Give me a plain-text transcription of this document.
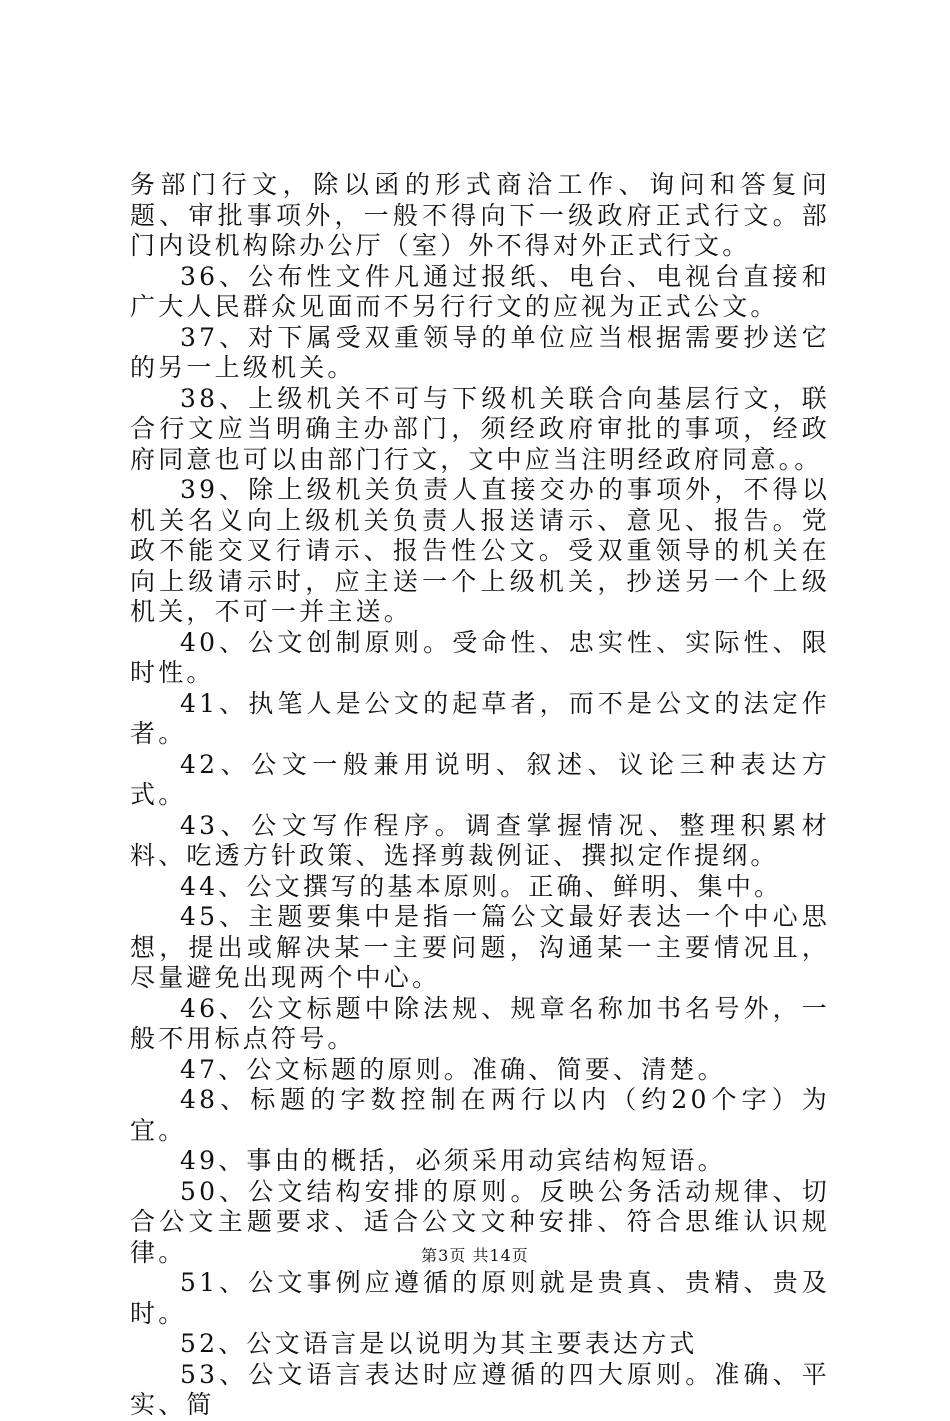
务部门行文，除以函的形式商洽工作、询问和答复问题、审批事项外，一般不得向下一级政府正式行文。部门内设机构除办公厅（室）外不得对外正式行文。

36、公布性文件凡通过报纸、电台、电视台直接和广大人民群众见面而不另行行文的应视为正式公文。

37、对下属受双重领导的单位应当根据需要抄送它的另一上级机关。

38、上级机关不可与下级机关联合向基层行文，联合行文应当明确主办部门，须经政府审批的事项，经政府同意也可以由部门行文，文中应当注明经政府同意。。

39、除上级机关负责人直接交办的事项外，不得以机关名义向上级机关负责人报送请示、意见、报告。党政不能交叉行请示、报告性公文。受双重领导的机关在向上级请示时，应主送一个上级机关，抄送另一个上级机关，不可一并主送。

40、公文创制原则。受命性、忠实性、实际性、限时性。

41、执笔人是公文的起草者，而不是公文的法定作者。

42、公文一般兼用说明、叙述、议论三种表达方式。

43、公文写作程序。调查掌握情况、整理积累材料、吃透方针政策、选择剪裁例证、撰拟定作提纲。

44、公文撰写的基本原则。正确、鲜明、集中。

45、主题要集中是指一篇公文最好表达一个中心思想，提出或解决某一主要问题，沟通某一主要情况且，尽量避免出现两个中心。

46、公文标题中除法规、规章名称加书名号外，一般不用标点符号。

47、公文标题的原则。准确、简要、清楚。

48、标题的字数控制在两行以内（约20个字）为宜。

49、事由的概括，必须采用动宾结构短语。

50、公文结构安排的原则。反映公务活动规律、切合公文主题要求、适合公文文种安排、符合思维认识规律。

51、公文事例应遵循的原则就是贵真、贵精、贵及时。

52、公文语言是以说明为其主要表达方式

53、公文语言表达时应遵循的四大原则。准确、平实、简

第3页 共14页
